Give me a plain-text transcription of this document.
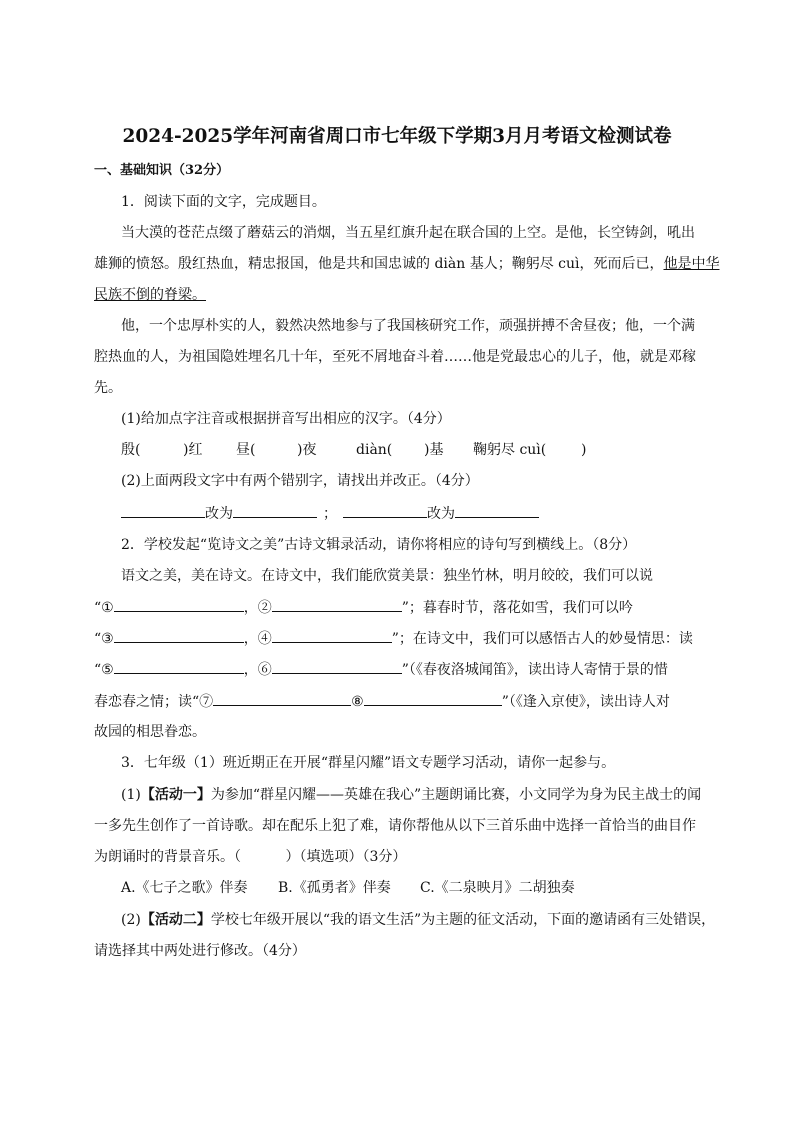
2024-2025学年河南省周口市七年级下学期3月月考语文检测试卷
一、基础知识（32分）
1．阅读下面的文字，完成题目。
当大漠的苍茫点缀了蘑菇云的消烟，当五星红旗升起在联合国的上空。是他，长空铸剑，吼出
雄狮的愤怒。殷红热血，精忠报国，他是共和国忠诚的 diàn 基人；鞠躬尽 cuì，死而后已，他是中华
民族不倒的脊梁。
他，一个忠厚朴实的人，毅然决然地参与了我国核研究工作，顽强拼搏不舍昼夜；他，一个满
腔热血的人，为祖国隐姓埋名几十年，至死不屑地奋斗着……他是党最忠心的儿子，他，就是邓稼
先。
(1)给加点字注音或根据拼音写出相应的汉字。（4分）
殷(	)红 昼(	)夜	diàn( )基 鞠躬尽 cuì( )
(2)上面两段文字中有两个错别字，请找出并改正。（4分）
改为	；	改为
2．学校发起“览诗文之美”古诗文辑录活动，请你将相应的诗句写到横线上。（8分）
语文之美，美在诗文。在诗文中，我们能欣赏美景：独坐竹林，明月皎皎，我们可以说
“①	，②	”；暮春时节，落花如雪，我们可以吟
“③	，④	”；在诗文中，我们可以感悟古人的妙曼情思：读
“⑤	，⑥	”（《春夜洛城闻笛》，读出诗人寄情于景的惜
春恋春之情；读“⑦	⑧	”（《逢入京使》，读出诗人对
故园的相思眷恋。
3．七年级（1）班近期正在开展“群星闪耀”语文专题学习活动，请你一起参与。
(1)【活动一】为参加“群星闪耀——英雄在我心”主题朗诵比赛，小文同学为身为民主战士的闻
一多先生创作了一首诗歌。却在配乐上犯了难，请你帮他从以下三首乐曲中选择一首恰当的曲目作
为朗诵时的背景音乐。（          ）（填选项）（3分）
A.《七子之歌》伴奏 B.《孤勇者》伴奏 C.《二泉映月》二胡独奏
(2)【活动二】学校七年级开展以“我的语文生活”为主题的征文活动，下面的邀请函有三处错误，
请选择其中两处进行修改。（4分）
